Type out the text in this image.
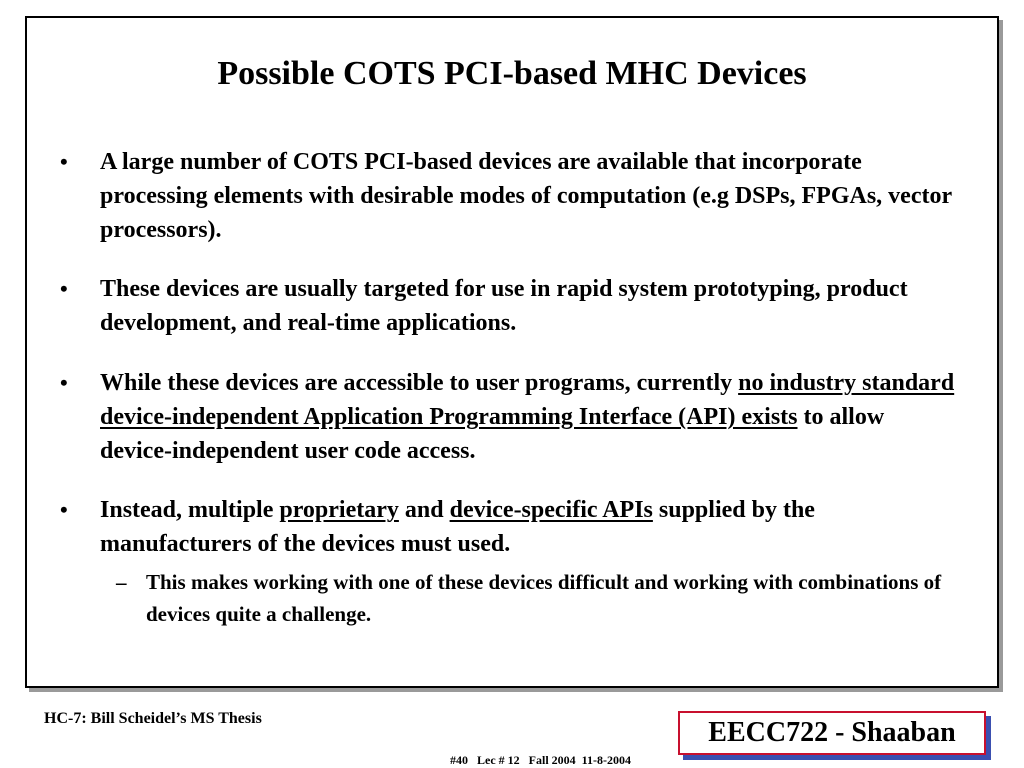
Possible COTS PCI-based MHC Devices
• A large number of COTS PCI-based devices are available that incorporate processing elements with desirable modes of computation (e.g DSPs, FPGAs, vector processors).
• These devices are usually targeted for use in rapid system prototyping, product development, and real-time applications.
• While these devices are accessible to user programs, currently no industry standard device-independent Application Programming Interface (API) exists to allow device-independent user code access.
• Instead, multiple proprietary and device-specific APIs supplied by the manufacturers of the devices must used.
– This makes working with one of these devices difficult and working with combinations of devices quite a challenge.
HC-7: Bill Scheidel’s MS Thesis	EECC722 - Shaaban
#40   Lec # 12   Fall 2004  11-8-2004
